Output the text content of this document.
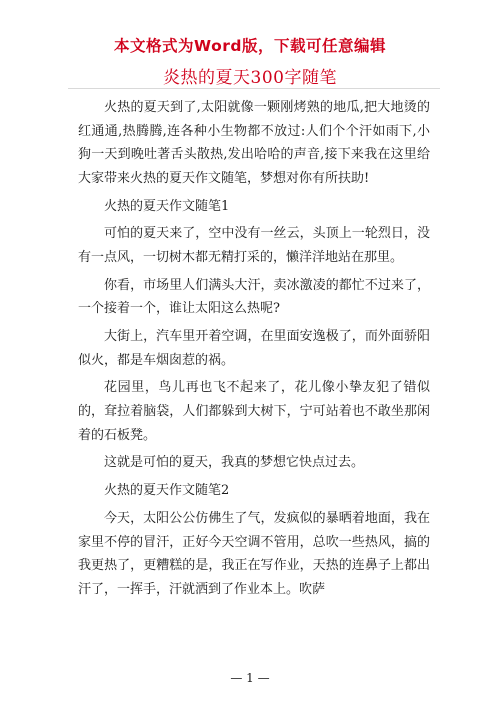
本文格式为Word版，下载可任意编辑
炎热的夏天300字随笔

火热的夏天到了,太阳就像一颗刚烤熟的地瓜,把大地烫的红通通,热腾腾,连各种小生物都不放过:人们个个汗如雨下,小狗一天到晚吐著舌头散热,发出哈哈的声音,接下来我在这里给大家带来火热的夏天作文随笔，梦想对你有所扶助!

火热的夏天作文随笔1

可怕的夏天来了，空中没有一丝云，头顶上一轮烈日，没有一点风，一切树木都无精打采的，懒洋洋地站在那里。

你看，市场里人们满头大汗，卖冰激凌的都忙不过来了，一个接着一个，谁让太阳这么热呢?

大街上，汽车里开着空调，在里面安逸极了，而外面骄阳似火，都是车烟囱惹的祸。

花园里，鸟儿再也飞不起来了，花儿像小挚友犯了错似的，耷拉着脑袋，人们都躲到大树下，宁可站着也不敢坐那闲着的石板凳。

这就是可怕的夏天，我真的梦想它快点过去。

火热的夏天作文随笔2

今天，太阳公公仿佛生了气，发疯似的暴晒着地面，我在家里不停的冒汗，正好今天空调不管用，总吹一些热风，搞的我更热了，更糟糕的是，我正在写作业，天热的连鼻子上都出汗了，一挥手，汗就洒到了作业本上。吹萨

— 1 —
